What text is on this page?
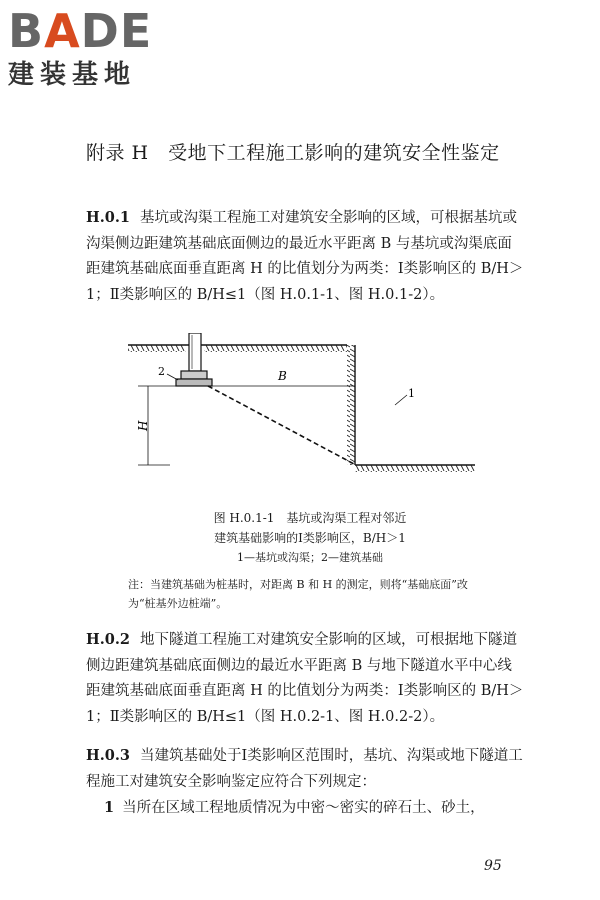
BADE
建装基地
附录 H　受地下工程施工影响的建筑安全性鉴定

H.0.1 基坑或沟渠工程施工对建筑安全影响的区域，可根据基坑或沟渠侧边距建筑基础底面侧边的最近水平距离 B 与基坑或沟渠底面距建筑基础底面垂直距离 H 的比值划分为两类：Ⅰ类影响区的 B/H＞1；Ⅱ类影响区的 B/H≤1（图 H.0.1-1、图 H.0.1-2）。

B
H
2
1
图 H.0.1-1　基坑或沟渠工程对邻近
建筑基础影响的Ⅰ类影响区，B/H＞1
1—基坑或沟渠；2—建筑基础
注：当建筑基础为桩基时，对距离 B 和 H 的测定，则将“基础底面”改为“桩基外边桩端”。

H.0.2 地下隧道工程施工对建筑安全影响的区域，可根据地下隧道侧边距建筑基础底面侧边的最近水平距离 B 与地下隧道水平中心线距建筑基础底面垂直距离 H 的比值划分为两类：Ⅰ类影响区的 B/H＞1；Ⅱ类影响区的 B/H≤1（图 H.0.2-1、图 H.0.2-2）。

H.0.3 当建筑基础处于Ⅰ类影响区范围时，基坑、沟渠或地下隧道工程施工对建筑安全影响鉴定应符合下列规定：

1 当所在区域工程地质情况为中密～密实的碎石土、砂土，

95
